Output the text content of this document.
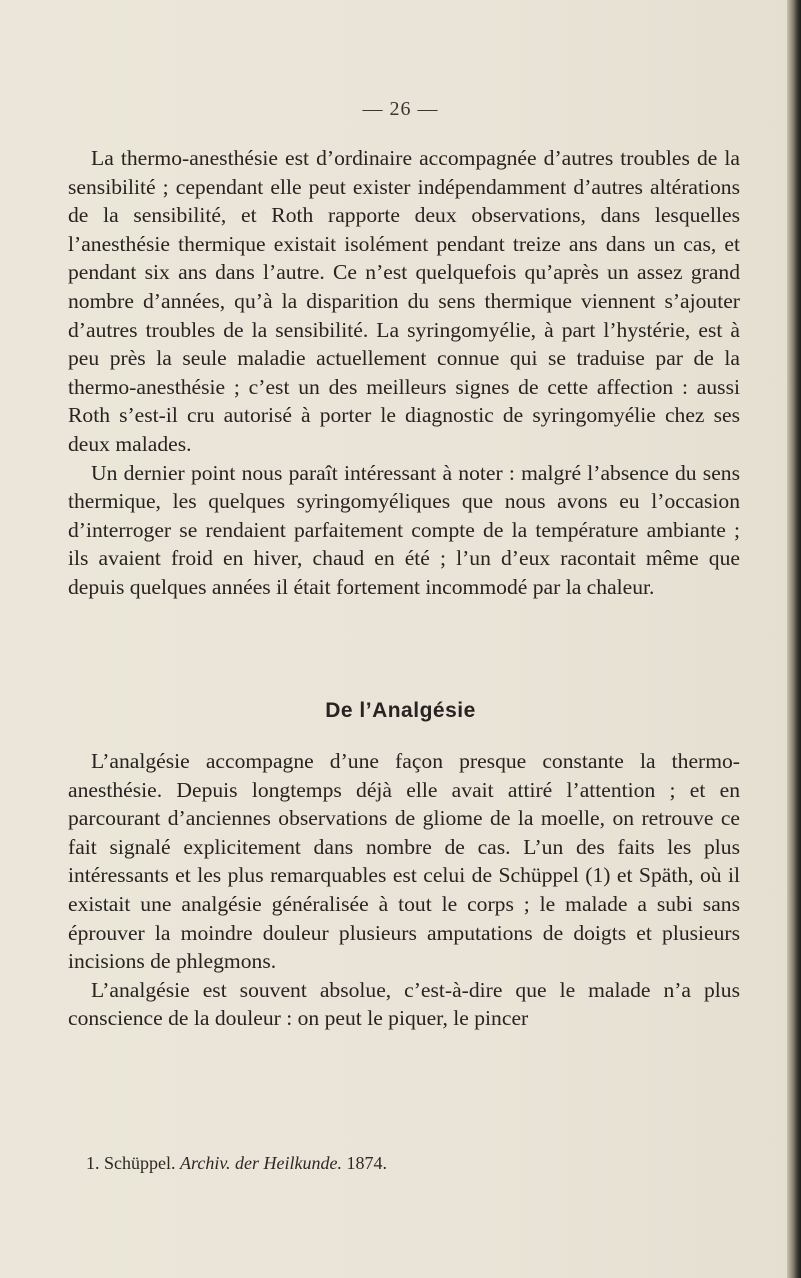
— 26 —

La thermo-anesthésie est d’ordinaire accompagnée d’autres troubles de la sensibilité ; cependant elle peut exister indépendamment d’autres altérations de la sensibilité, et Roth rapporte deux observations, dans lesquelles l’anesthésie thermique existait isolément pendant treize ans dans un cas, et pendant six ans dans l’autre. Ce n’est quelquefois qu’après un assez grand nombre d’années, qu’à la disparition du sens thermique viennent s’ajouter d’autres troubles de la sensibilité. La syringomyélie, à part l’hystérie, est à peu près la seule maladie actuellement connue qui se traduise par de la thermo-anesthésie ; c’est un des meilleurs signes de cette affection : aussi Roth s’est-il cru autorisé à porter le diagnostic de syringomyélie chez ses deux malades.

Un dernier point nous paraît intéressant à noter : malgré l’absence du sens thermique, les quelques syringomyéliques que nous avons eu l’occasion d’interroger se rendaient parfaitement compte de la température ambiante ; ils avaient froid en hiver, chaud en été ; l’un d’eux racontait même que depuis quelques années il était fortement incommodé par la chaleur.

De l’Analgésie

L’analgésie accompagne d’une façon presque constante la thermo-anesthésie. Depuis longtemps déjà elle avait attiré l’attention ; et en parcourant d’anciennes observations de gliome de la moelle, on retrouve ce fait signalé explicitement dans nombre de cas. L’un des faits les plus intéressants et les plus remarquables est celui de Schüppel (1) et Späth, où il existait une analgésie généralisée à tout le corps ; le malade a subi sans éprouver la moindre douleur plusieurs amputations de doigts et plusieurs incisions de phlegmons.

L’analgésie est souvent absolue, c’est-à-dire que le malade n’a plus conscience de la douleur : on peut le piquer, le pincer

1. Schüppel. Archiv. der Heilkunde. 1874.
